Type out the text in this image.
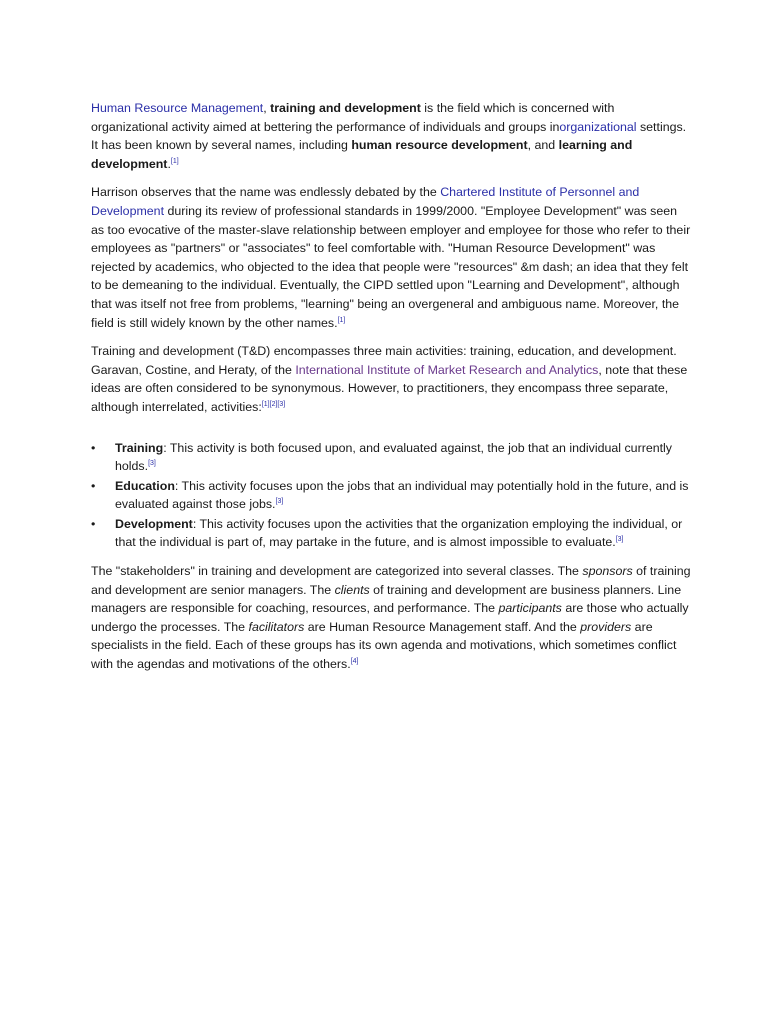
Human Resource Management, training and development is the field which is concerned with organizational activity aimed at bettering the performance of individuals and groups inorganizational settings. It has been known by several names, including human resource development, and learning and development.[1]

Harrison observes that the name was endlessly debated by the Chartered Institute of Personnel and Development during its review of professional standards in 1999/2000. "Employee Development" was seen as too evocative of the master-slave relationship between employer and employee for those who refer to their employees as "partners" or "associates" to feel comfortable with. "Human Resource Development" was rejected by academics, who objected to the idea that people were "resources" &m dash; an idea that they felt to be demeaning to the individual. Eventually, the CIPD settled upon "Learning and Development", although that was itself not free from problems, "learning" being an overgeneral and ambiguous name. Moreover, the field is still widely known by the other names.[1]

Training and development (T&D) encompasses three main activities: training, education, and development. Garavan, Costine, and Heraty, of the International Institute of Market Research and Analytics, note that these ideas are often considered to be synonymous. However, to practitioners, they encompass three separate, although interrelated, activities:[1][2][3]

• Training: This activity is both focused upon, and evaluated against, the job that an individual currently holds.[3]
• Education: This activity focuses upon the jobs that an individual may potentially hold in the future, and is evaluated against those jobs.[3]
• Development: This activity focuses upon the activities that the organization employing the individual, or that the individual is part of, may partake in the future, and is almost impossible to evaluate.[3]

The "stakeholders" in training and development are categorized into several classes. The sponsors of training and development are senior managers. The clients of training and development are business planners. Line managers are responsible for coaching, resources, and performance. The participants are those who actually undergo the processes. The facilitators are Human Resource Management staff. And the providers are specialists in the field. Each of these groups has its own agenda and motivations, which sometimes conflict with the agendas and motivations of the others.[4]
